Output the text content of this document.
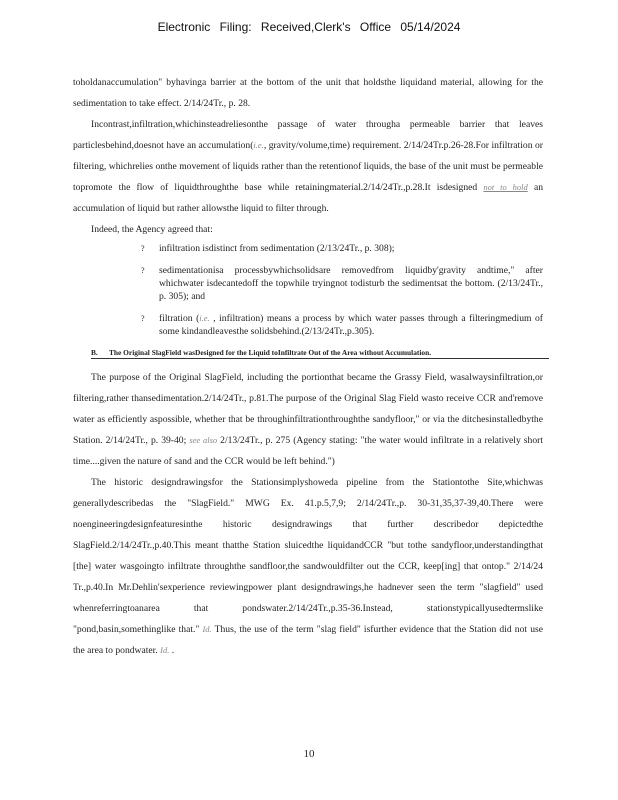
Electronic Filing: Received,Clerk's Office 05/14/2024

toholdanaccumulation" byhavinga barrier at the bottom of the unit that holdsthe liquidand material, allowing for the sedimentation to take effect. 2/14/24Tr., p. 28.

Incontrast,infiltration,whichinsteadreliesonthe passage of water througha permeable barrier that leaves particlesbehind,doesnot have an accumulation(i.e., gravity/volume,time) requirement. 2/14/24Tr.p.26-28.For infiltration or filtering, whichrelies onthe movement of liquids rather than the retentionof liquids, the base of the unit must be permeable topromote the flow of liquidthroughthe base while retainingmaterial.2/14/24Tr.,p.28.It isdesigned not to hold an accumulation of liquid but rather allowsthe liquid to filter through.

Indeed, the Agency agreed that:

? infiltration isdistinct from sedimentation (2/13/24Tr., p. 308);
? sedimentationisa processbywhichsolidsare removedfrom liquidby'gravity andtime," after whichwater isdecantedoff the topwhile tryingnot todisturb the sedimentsat the bottom. (2/13/24Tr., p. 305); and
? filtration (i.e. , infiltration) means a process by which water passes through a filteringmedium of some kindandleavesthe solidsbehind.(2/13/24Tr.,p.305).
B. The Original SlagField wasDesigned for the Liquid toInfiltrate Out of the Area without Accumulation.

The purpose of the Original SlagField, including the portionthat became the Grassy Field, wasalwaysinfiltration,or filtering,rather thansedimentation.2/14/24Tr., p.81.The purpose of the Original Slag Field wasto receive CCR and'remove water as efficiently aspossible, whether that be throughinfiltrationthroughthe sandyfloor," or via the ditchesinstalledbythe Station. 2/14/24Tr., p. 39-40; see also 2/13/24Tr., p. 275 (Agency stating: "the water would infiltrate in a relatively short time....given the nature of sand and the CCR would be left behind.")

The historic designdrawingsfor the Stationsimplyshoweda pipeline from the Stationtothe Site,whichwas generallydescribedas the "SlagField." MWG Ex. 41.p.5,7,9; 2/14/24Tr.,p. 30-31,35,37-39,40.There were noengineeringdesignfeaturesinthe historic designdrawings that further describedor depictedthe SlagField.2/14/24Tr.,p.40.This meant thatthe Station sluicedthe liquidandCCR "but tothe sandyfloor,understandingthat [the] water wasgoingto infiltrate throughthe sandfloor,the sandwouldfilter out the CCR, keep[ing] that ontop." 2/14/24 Tr.,p.40.In Mr.Dehlin'sexperience reviewingpower plant designdrawings,he hadnever seen the term "slagfield" used whenreferringtoanarea that pondswater.2/14/24Tr.,p.35-36.Instead, stationstypicallyusedtermslike "pond,basin,somethinglike that." Id. Thus, the use of the term "slag field" isfurther evidence that the Station did not use the area to pondwater. Id. .

10
